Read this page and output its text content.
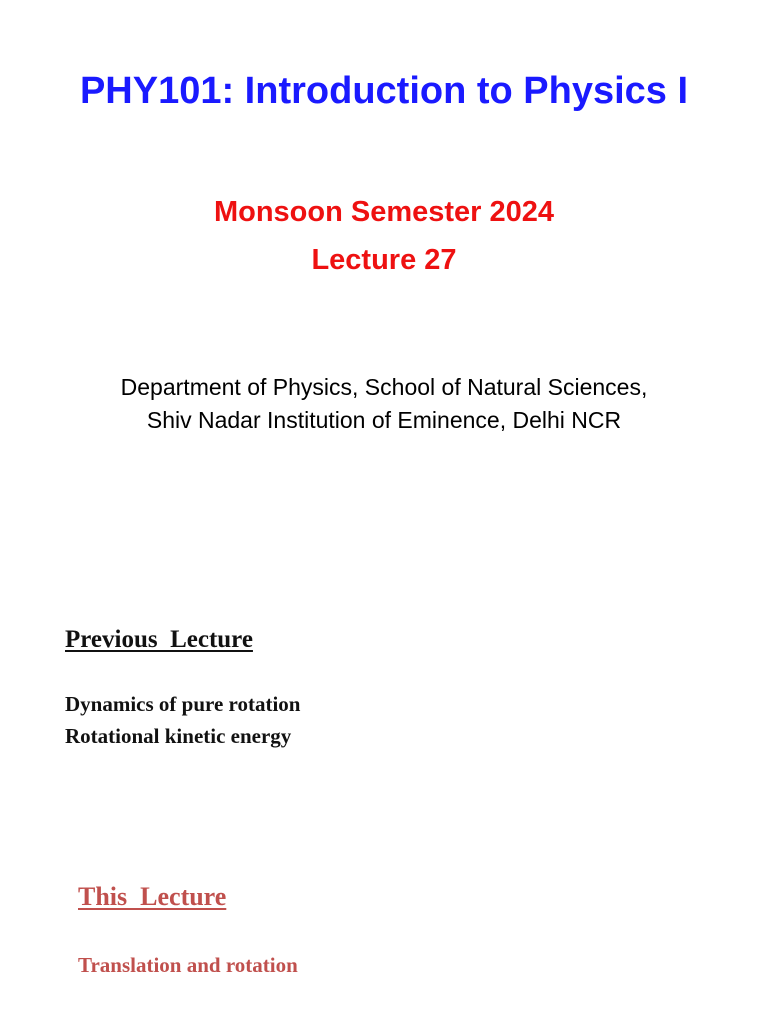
PHY101: Introduction to Physics I
Monsoon Semester 2024
Lecture 27
Department of Physics, School of Natural Sciences,
Shiv Nadar Institution of Eminence, Delhi NCR
Previous  Lecture
Dynamics of pure rotation
Rotational kinetic energy
This  Lecture
Translation and rotation
